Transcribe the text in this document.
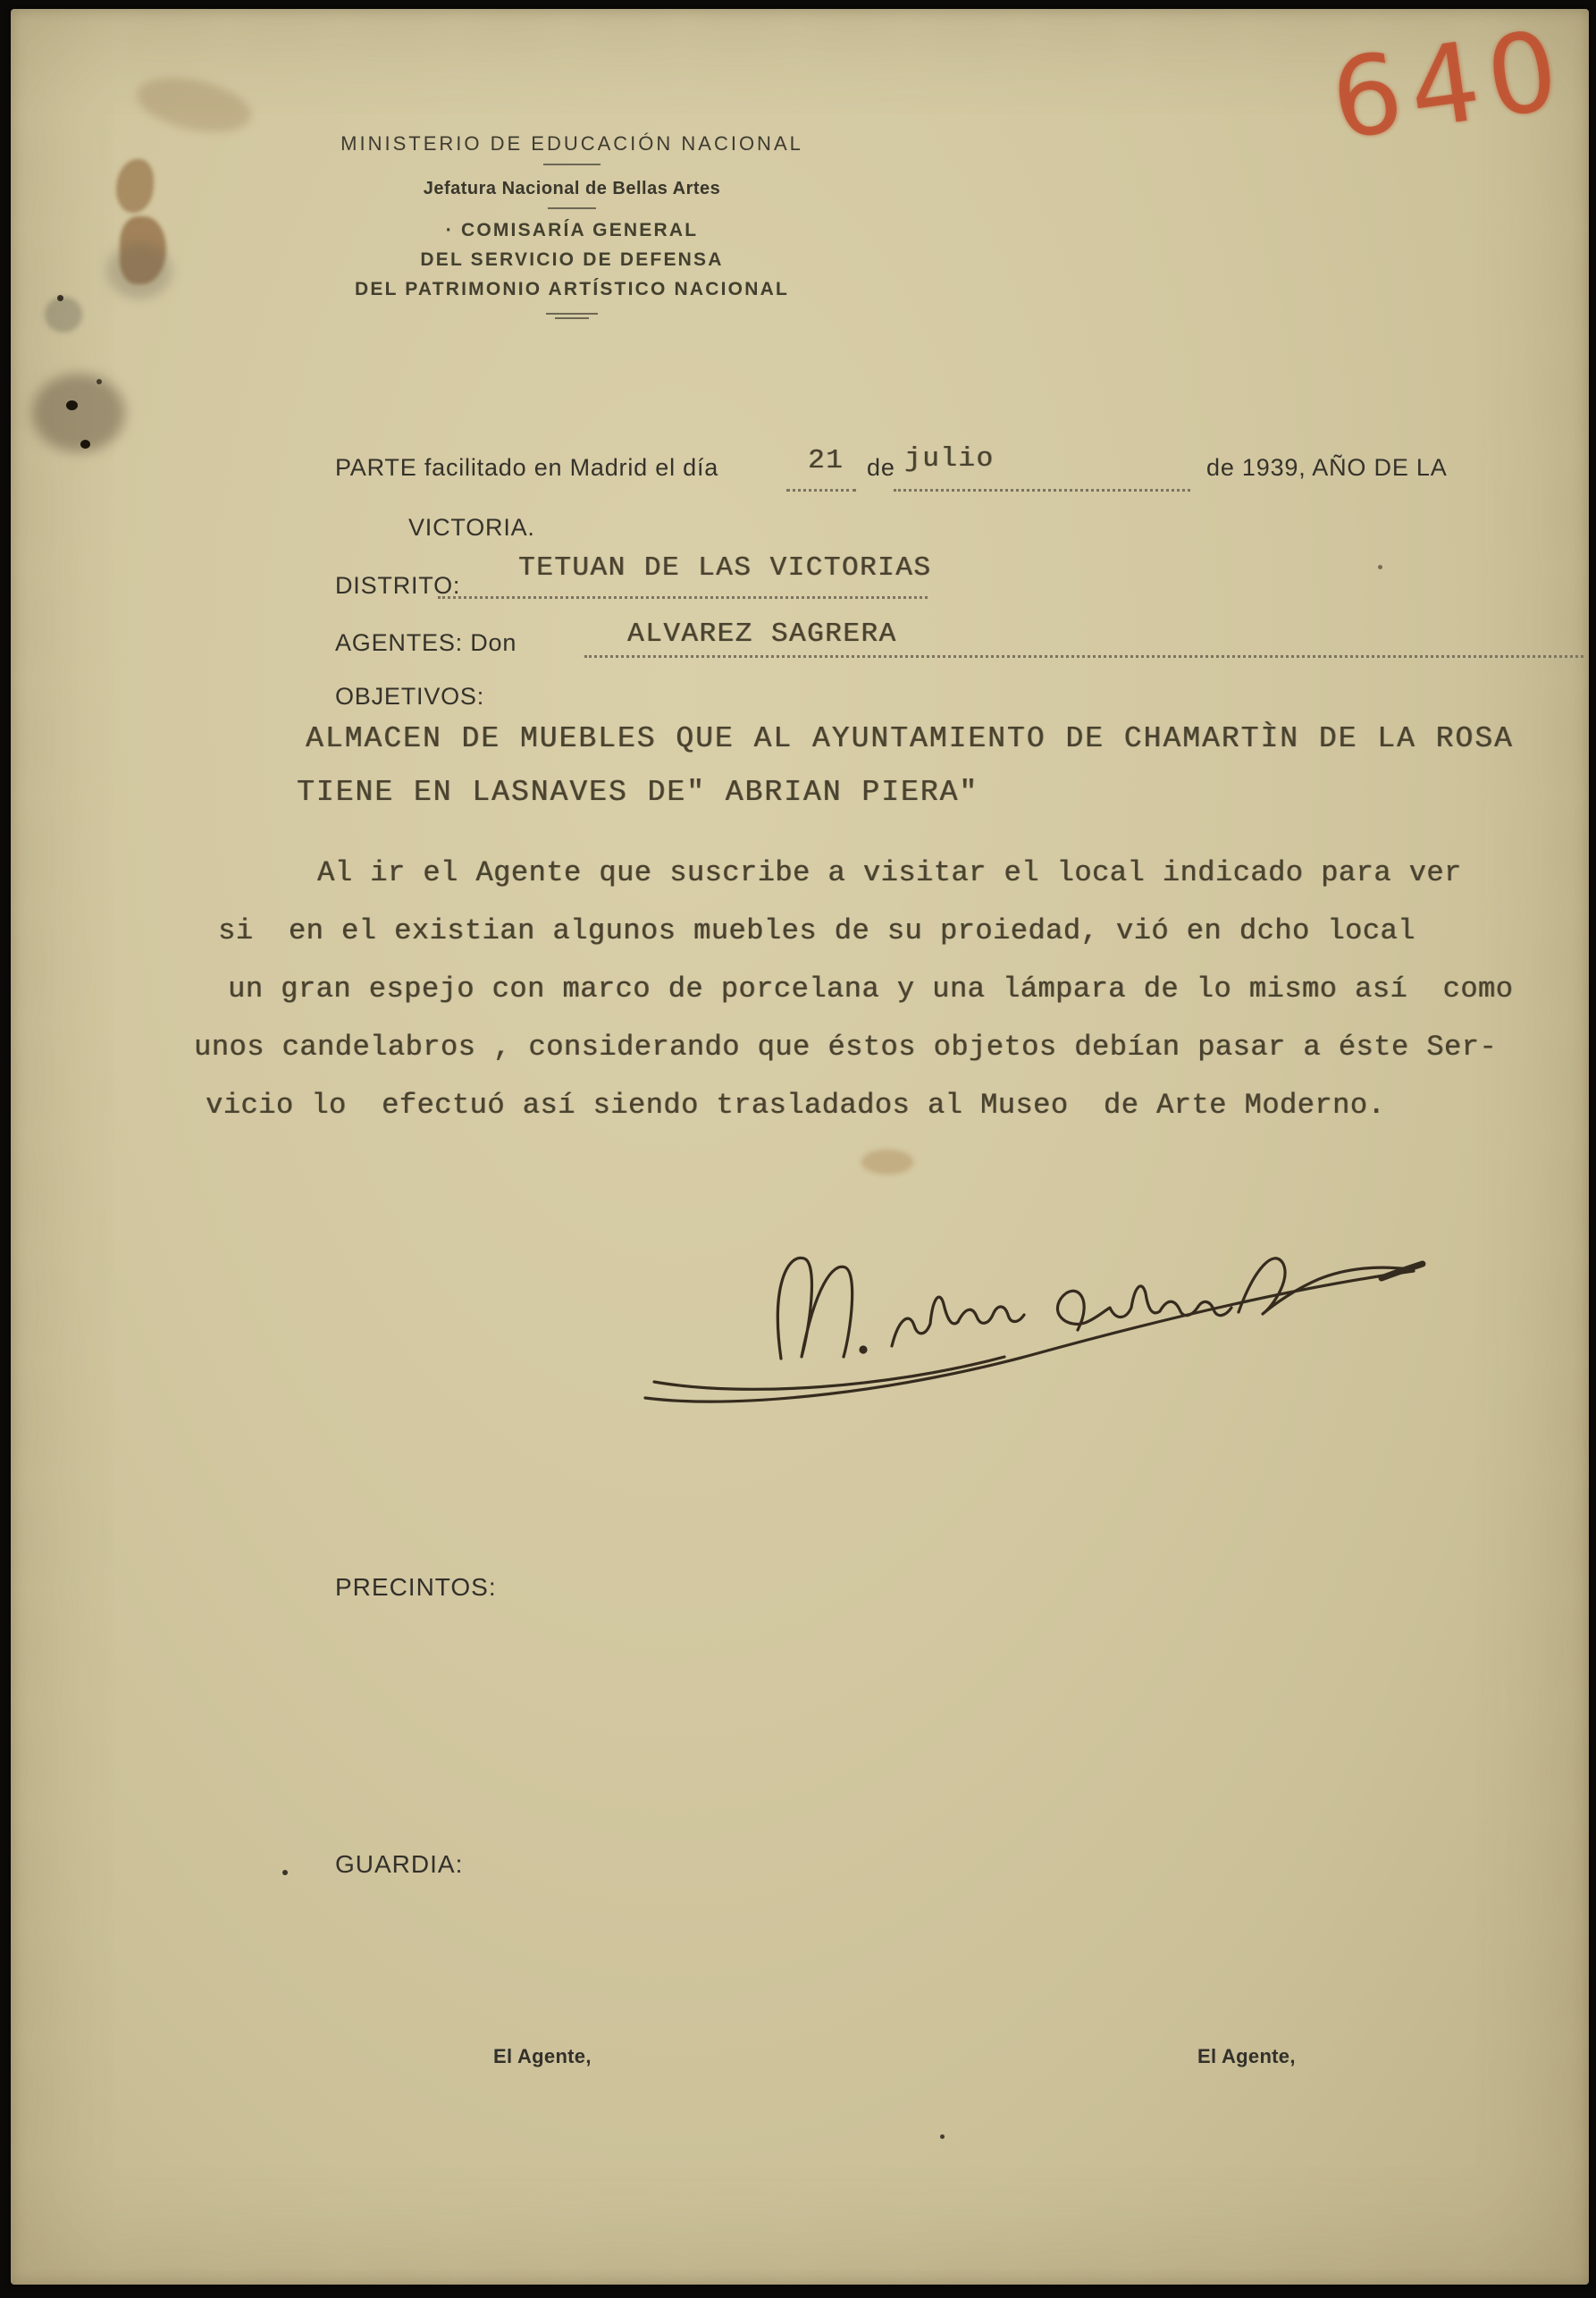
640
MINISTERIO DE EDUCACIÓN NACIONAL
Jefatura Nacional de Bellas Artes
· COMISARÍA GENERAL
DEL SERVICIO DE DEFENSA
DEL PATRIMONIO ARTÍSTICO NACIONAL
PARTE facilitado en Madrid el día	21 de julio	de 1939, AÑO DE LA
VICTORIA.
DISTRITO:
TETUAN DE LAS VICTORIAS
AGENTES: Don	ALVAREZ SAGRERA
OBJETIVOS:
ALMACEN DE MUEBLES QUE AL AYUNTAMIENTO DE CHAMARTÌN DE LA ROSA
TIENE EN LASNAVES DE" ABRIAN PIERA"
Al ir el Agente que suscribe a visitar el local indicado para ver
si  en el existian algunos muebles de su proiedad, vió en dcho local
un gran espejo con marco de porcelana y una lámpara de lo mismo así  como
unos candelabros , considerando que éstos objetos debían pasar a éste Ser-
vicio lo  efectuó así siendo trasladados al Museo  de Arte Moderno.
PRECINTOS:
GUARDIA:
El Agente,	El Agente,
